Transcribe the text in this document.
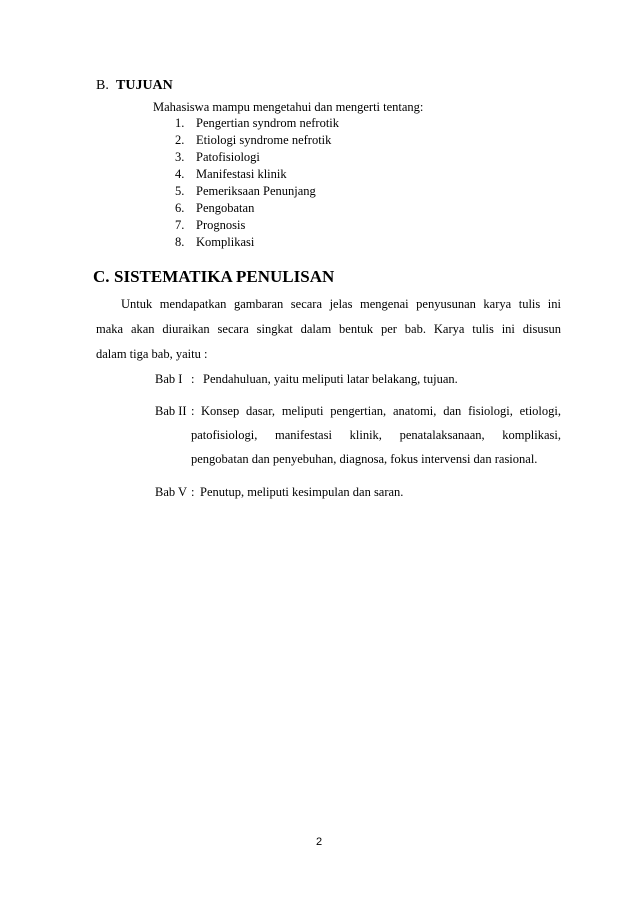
B. TUJUAN
Mahasiswa mampu mengetahui dan mengerti tentang:
1. Pengertian syndrom nefrotik
2. Etiologi syndrome nefrotik
3. Patofisiologi
4. Manifestasi klinik
5. Pemeriksaan Penunjang
6. Pengobatan
7. Prognosis
8. Komplikasi
C. SISTEMATIKA PENULISAN
Untuk mendapatkan gambaran secara jelas mengenai penyusunan karya tulis ini
maka akan diuraikan secara singkat dalam bentuk per bab. Karya tulis ini disusun
dalam tiga bab, yaitu :
Bab I : Pendahuluan, yaitu meliputi latar belakang, tujuan.
Bab II : Konsep dasar, meliputi pengertian, anatomi, dan fisiologi, etiologi,
patofisiologi, manifestasi klinik, penatalaksanaan, komplikasi,
pengobatan dan penyebuhan, diagnosa, fokus intervensi dan rasional.
Bab V : Penutup, meliputi kesimpulan dan saran.
2
